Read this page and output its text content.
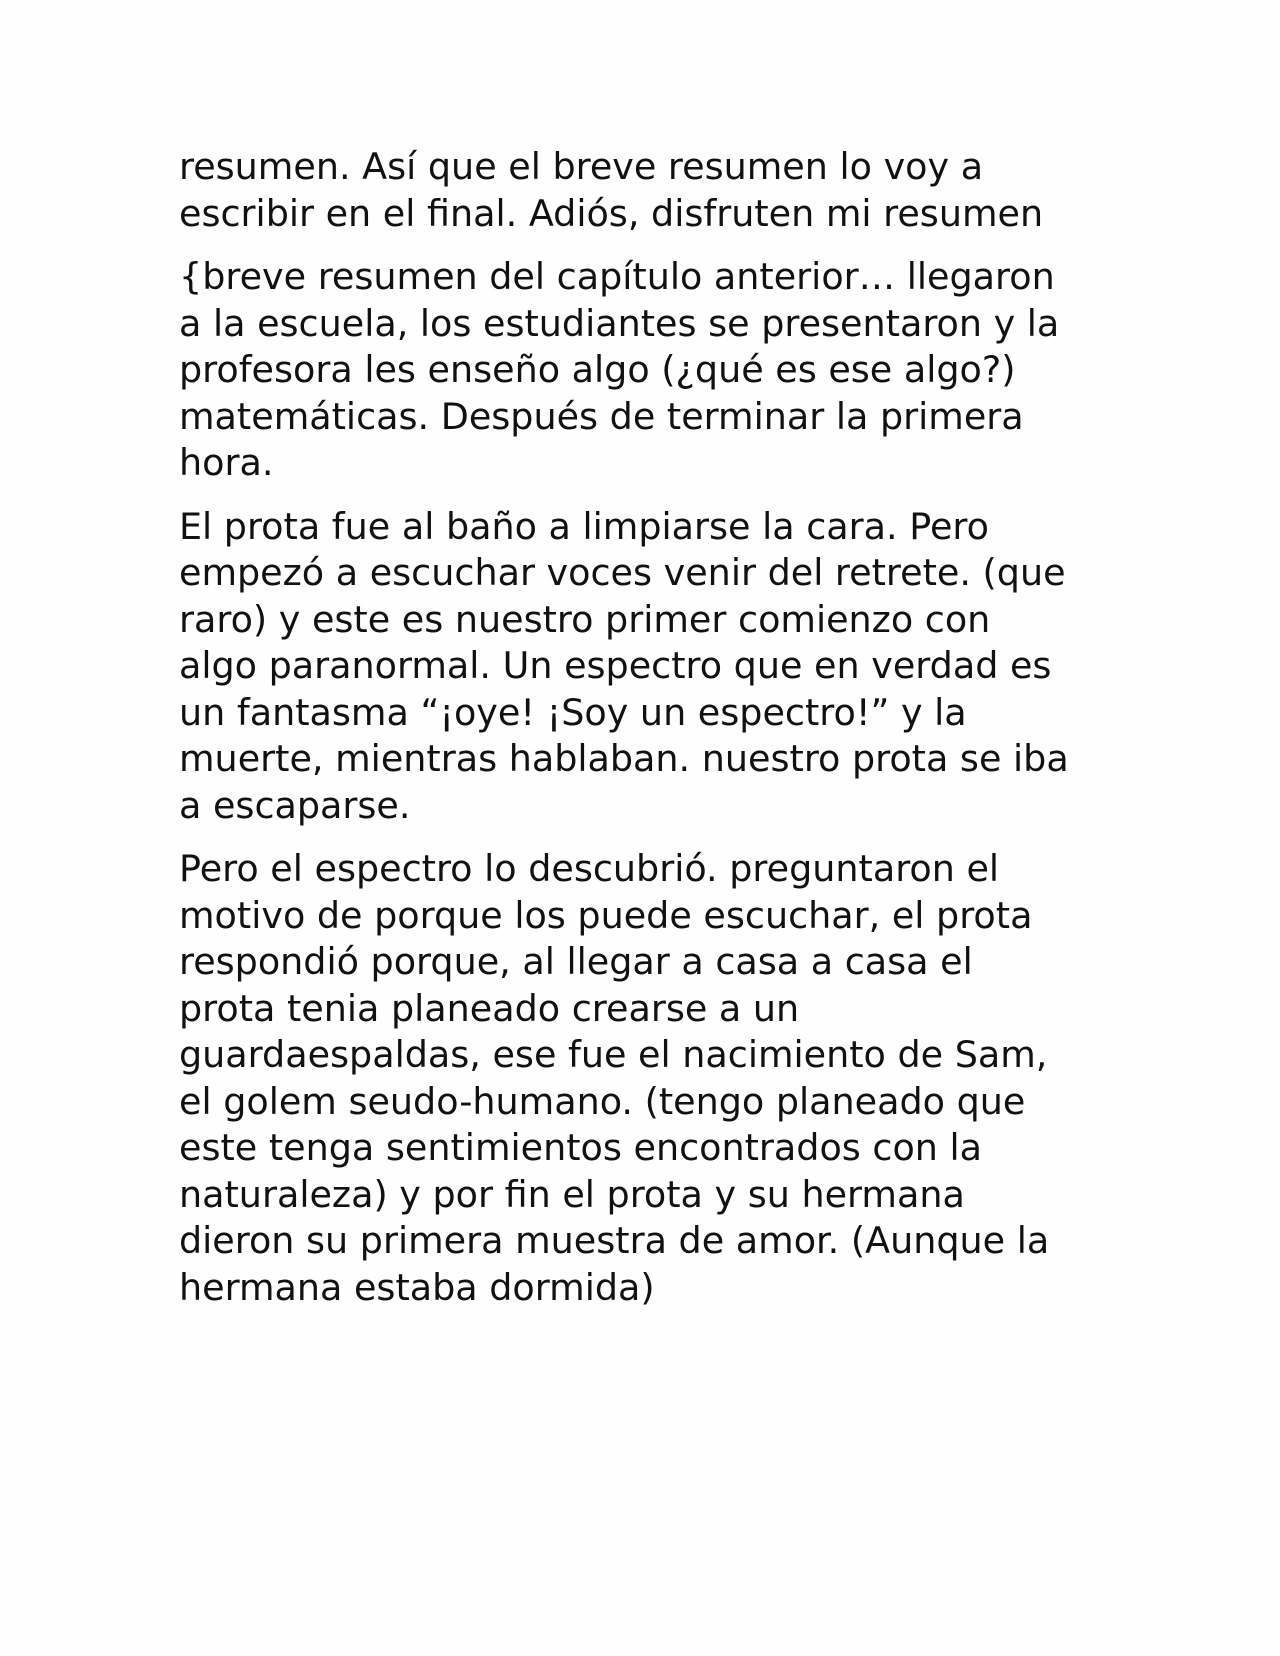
resumen. Así que el breve resumen lo voy a
escribir en el final. Adiós, disfruten mi resumen

{breve resumen del capítulo anterior… llegaron
a la escuela, los estudiantes se presentaron y la
profesora les enseño algo (¿qué es ese algo?)
matemáticas. Después de terminar la primera
hora.

El prota fue al baño a limpiarse la cara. Pero
empezó a escuchar voces venir del retrete. (que
raro) y este es nuestro primer comienzo con
algo paranormal. Un espectro que en verdad es
un fantasma “¡oye! ¡Soy un espectro!” y la
muerte, mientras hablaban. nuestro prota se iba
a escaparse.

Pero el espectro lo descubrió. preguntaron el
motivo de porque los puede escuchar, el prota
respondió porque, al llegar a casa a casa el
prota tenia planeado crearse a un
guardaespaldas, ese fue el nacimiento de Sam,
el golem seudo-humano. (tengo planeado que
este tenga sentimientos encontrados con la
naturaleza) y por fin el prota y su hermana
dieron su primera muestra de amor. (Aunque la
hermana estaba dormida)
